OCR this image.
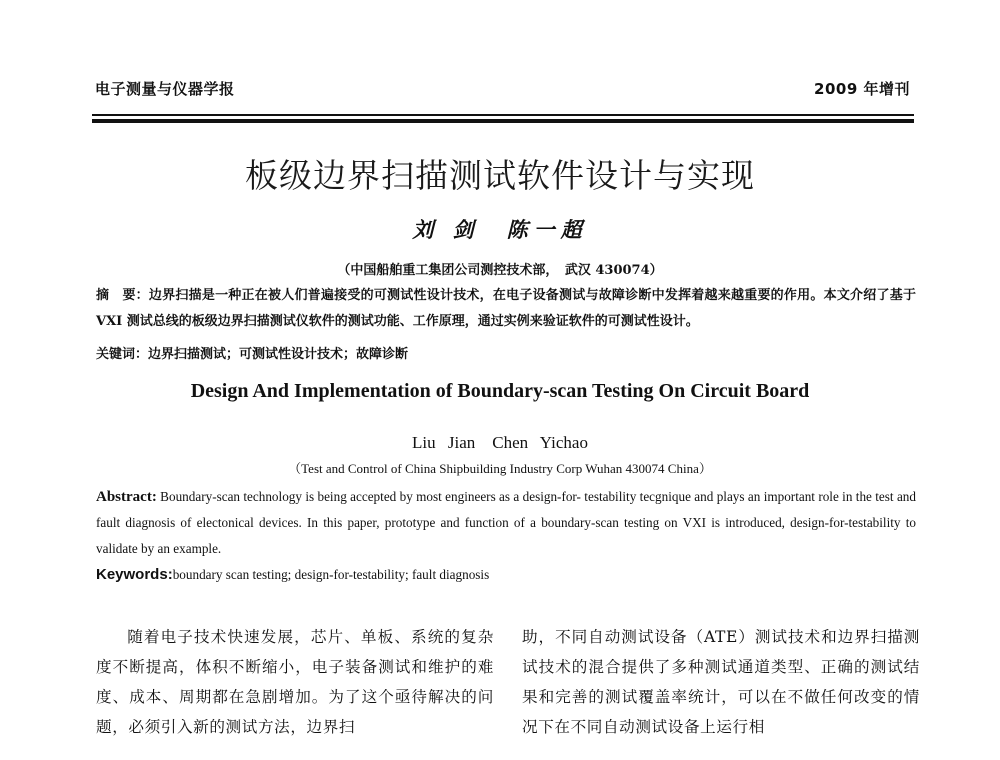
电子测量与仪器学报	2009 年增刊
板级边界扫描测试软件设计与实现
刘 剑　陈一超
（中国船舶重工集团公司测控技术部，　武汉 430074）
摘　要：边界扫描是一种正在被人们普遍接受的可测试性设计技术，在电子设备测试与故障诊断中发挥着越来越重要的作用。本文介绍了基于 VXI 测试总线的板级边界扫描测试仪软件的测试功能、工作原理，通过实例来验证软件的可测试性设计。
关键词：边界扫描测试；可测试性设计技术；故障诊断
Design And Implementation of Boundary-scan Testing On Circuit Board
Liu Jian　Chen Yichao
（Test and Control of China Shipbuilding Industry Corp Wuhan 430074 China）
Abstract: Boundary-scan technology is being accepted by most engineers as a design-for- testability tecgnique and plays an important role in the test and fault diagnosis of electonical devices. In this paper, prototype and function of a boundary-scan testing on VXI is introduced, design-for-testability to validate by an example.
Keywords:boundary scan testing; design-for-testability; fault diagnosis

随着电子技术快速发展，芯片、单板、系统的复杂度不断提高，体积不断缩小，电子装备测试和维护的难度、成本、周期都在急剧增加。为了这个亟待解决的问题，必须引入新的测试方法，边界扫

助，不同自动测试设备（ATE）测试技术和边界扫描测试技术的混合提供了多种测试通道类型、正确的测试结果和完善的测试覆盖率统计，可以在不做任何改变的情况下在不同自动测试设备上运行相
